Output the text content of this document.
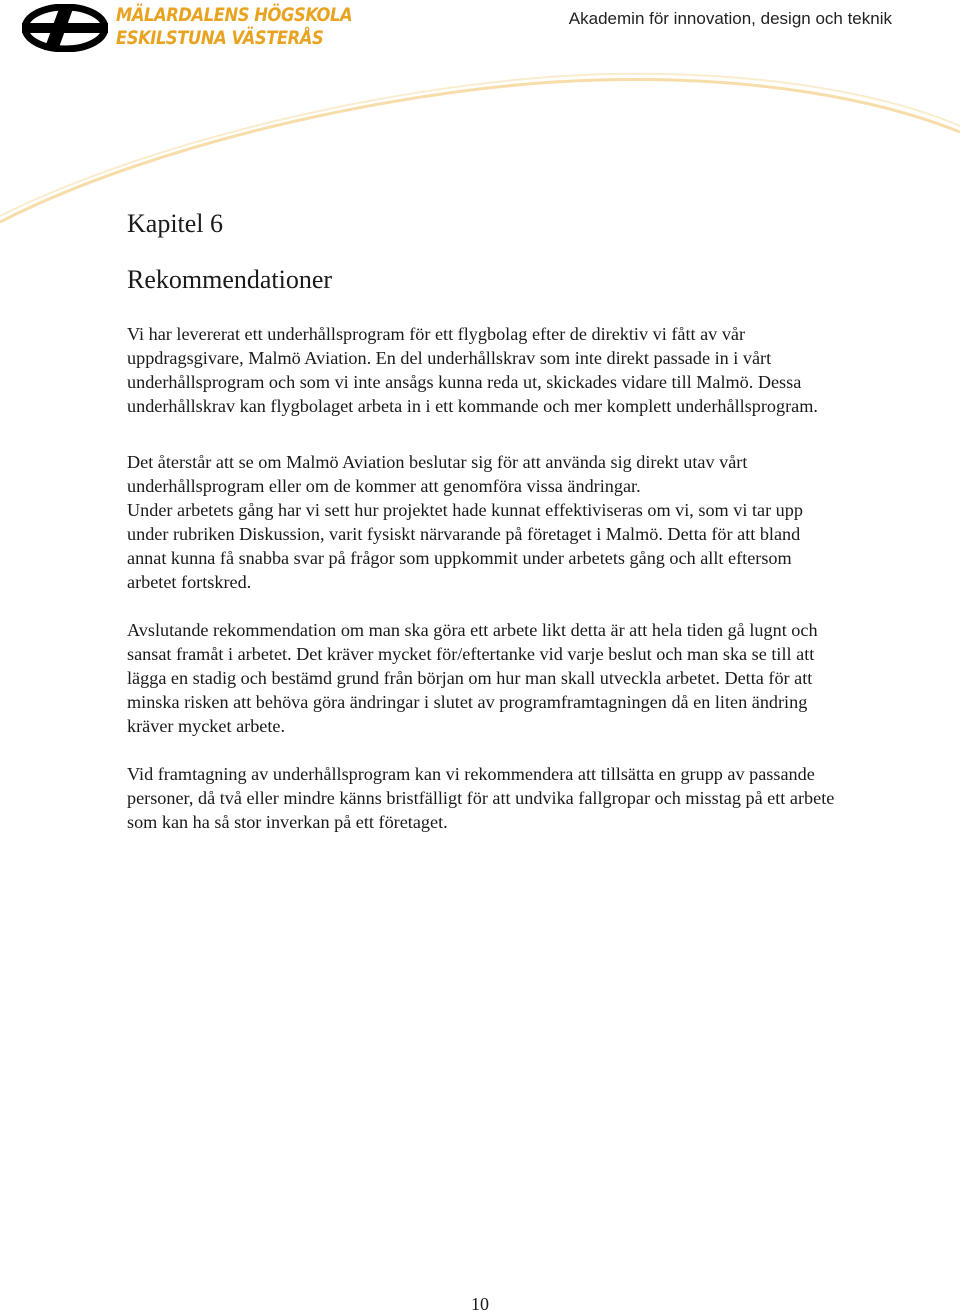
MÄLARDALENS HÖGSKOLA
ESKILSTUNA VÄSTERÅS
Akademin för innovation, design och teknik
Kapitel 6
Rekommendationer

Vi har levererat ett underhållsprogram för ett flygbolag efter de direktiv vi fått av vår uppdragsgivare, Malmö Aviation. En del underhållskrav som inte direkt passade in i vårt underhållsprogram och som vi inte ansågs kunna reda ut, skickades vidare till Malmö. Dessa underhållskrav kan flygbolaget arbeta in i ett kommande och mer komplett underhållsprogram.

Det återstår att se om Malmö Aviation beslutar sig för att använda sig direkt utav vårt underhållsprogram eller om de kommer att genomföra vissa ändringar.

Under arbetets gång har vi sett hur projektet hade kunnat effektiviseras om vi, som vi tar upp under rubriken Diskussion, varit fysiskt närvarande på företaget i Malmö. Detta för att bland annat kunna få snabba svar på frågor som uppkommit under arbetets gång och allt eftersom arbetet fortskred.

Avslutande rekommendation om man ska göra ett arbete likt detta är att hela tiden gå lugnt och sansat framåt i arbetet. Det kräver mycket för/eftertanke vid varje beslut och man ska se till att lägga en stadig och bestämd grund från början om hur man skall utveckla arbetet. Detta för att minska risken att behöva göra ändringar i slutet av programframtagningen då en liten ändring kräver mycket arbete.

Vid framtagning av underhållsprogram kan vi rekommendera att tillsätta en grupp av passande personer, då två eller mindre känns bristfälligt för att undvika fallgropar och misstag på ett arbete som kan ha så stor inverkan på ett företaget.

10
